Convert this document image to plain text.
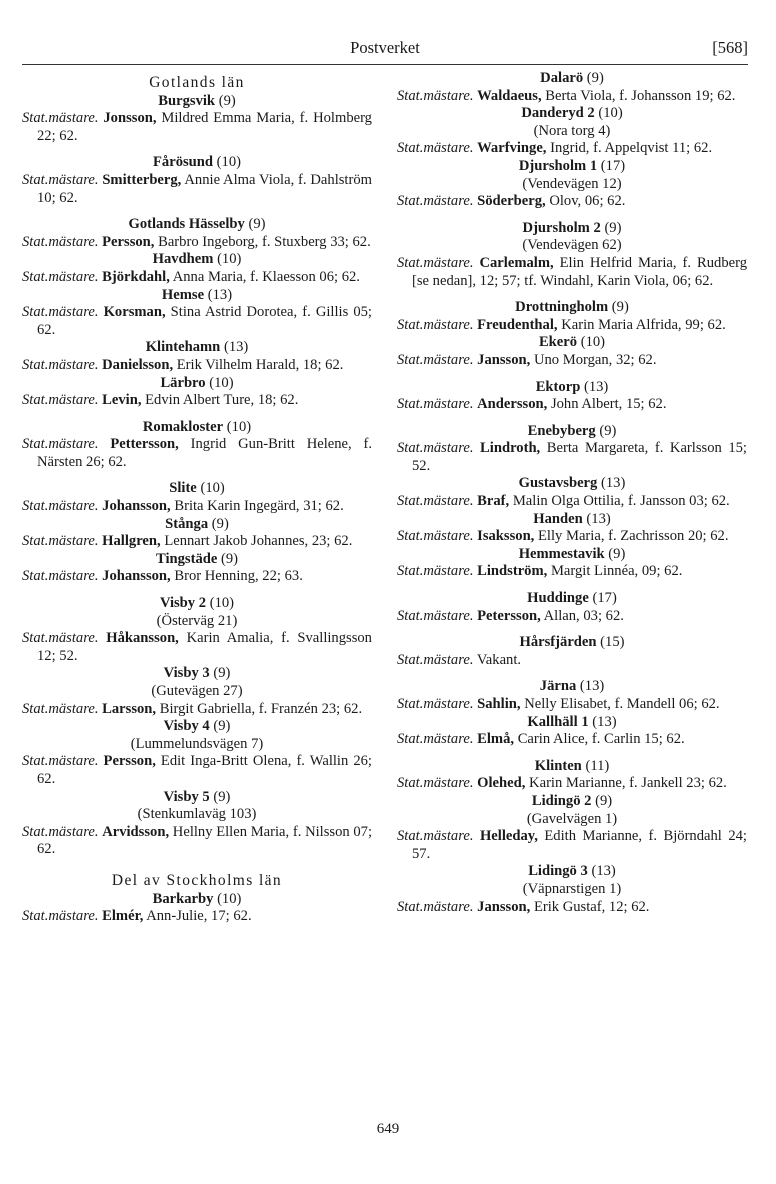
Postverket	[568]
Gotlands län
Burgsvik (9)
Stat.mästare. Jonsson, Mildred Emma Maria, f. Holmberg 22; 62.
Fårösund (10)
Stat.mästare. Smitterberg, Annie Alma Viola, f. Dahlström 10; 62.
Gotlands Hässelby (9)
Stat.mästare. Persson, Barbro Ingeborg, f. Stuxberg 33; 62.
Havdhem (10)
Stat.mästare. Björkdahl, Anna Maria, f. Klaesson 06; 62.
Hemse (13)
Stat.mästare. Korsman, Stina Astrid Dorotea, f. Gillis 05; 62.
Klintehamn (13)
Stat.mästare. Danielsson, Erik Vilhelm Harald, 18; 62.
Lärbro (10)
Stat.mästare. Levin, Edvin Albert Ture, 18; 62.
Romakloster (10)
Stat.mästare. Pettersson, Ingrid Gun-Britt Helene, f. Närsten 26; 62.
Slite (10)
Stat.mästare. Johansson, Brita Karin Ingegärd, 31; 62.
Stånga (9)
Stat.mästare. Hallgren, Lennart Jakob Johannes, 23; 62.
Tingstäde (9)
Stat.mästare. Johansson, Bror Henning, 22; 63.
Visby 2 (10)
(Österväg 21)
Stat.mästare. Håkansson, Karin Amalia, f. Svallingsson 12; 52.
Visby 3 (9)
(Gutevägen 27)
Stat.mästare. Larsson, Birgit Gabriella, f. Franzén 23; 62.
Visby 4 (9)
(Lummelundsvägen 7)
Stat.mästare. Persson, Edit Inga-Britt Olena, f. Wallin 26; 62.
Visby 5 (9)
(Stenkumlaväg 103)
Stat.mästare. Arvidsson, Hellny Ellen Maria, f. Nilsson 07; 62.
Del av Stockholms län
Barkarby (10)
Stat.mästare. Elmér, Ann-Julie, 17; 62.
Dalarö (9)
Stat.mästare. Waldaeus, Berta Viola, f. Johansson 19; 62.
Danderyd 2 (10)
(Nora torg 4)
Stat.mästare. Warfvinge, Ingrid, f. Appelqvist 11; 62.
Djursholm 1 (17)
(Vendevägen 12)
Stat.mästare. Söderberg, Olov, 06; 62.
Djursholm 2 (9)
(Vendevägen 62)
Stat.mästare. Carlemalm, Elin Helfrid Maria, f. Rudberg [se nedan], 12; 57; tf. Windahl, Karin Viola, 06; 62.
Drottningholm (9)
Stat.mästare. Freudenthal, Karin Maria Alfrida, 99; 62.
Ekerö (10)
Stat.mästare. Jansson, Uno Morgan, 32; 62.
Ektorp (13)
Stat.mästare. Andersson, John Albert, 15; 62.
Enebyberg (9)
Stat.mästare. Lindroth, Berta Margareta, f. Karlsson 15; 52.
Gustavsberg (13)
Stat.mästare. Braf, Malin Olga Ottilia, f. Jansson 03; 62.
Handen (13)
Stat.mästare. Isaksson, Elly Maria, f. Zachrisson 20; 62.
Hemmestavik (9)
Stat.mästare. Lindström, Margit Linnéa, 09; 62.
Huddinge (17)
Stat.mästare. Petersson, Allan, 03; 62.
Hårsfjärden (15)
Stat.mästare. Vakant.
Järna (13)
Stat.mästare. Sahlin, Nelly Elisabet, f. Mandell 06; 62.
Kallhäll 1 (13)
Stat.mästare. Elmå, Carin Alice, f. Carlin 15; 62.
Klinten (11)
Stat.mästare. Olehed, Karin Marianne, f. Jankell 23; 62.
Lidingö 2 (9)
(Gavelvägen 1)
Stat.mästare. Helleday, Edith Marianne, f. Björndahl 24; 57.
Lidingö 3 (13)
(Väpnarstigen 1)
Stat.mästare. Jansson, Erik Gustaf, 12; 62.
649
